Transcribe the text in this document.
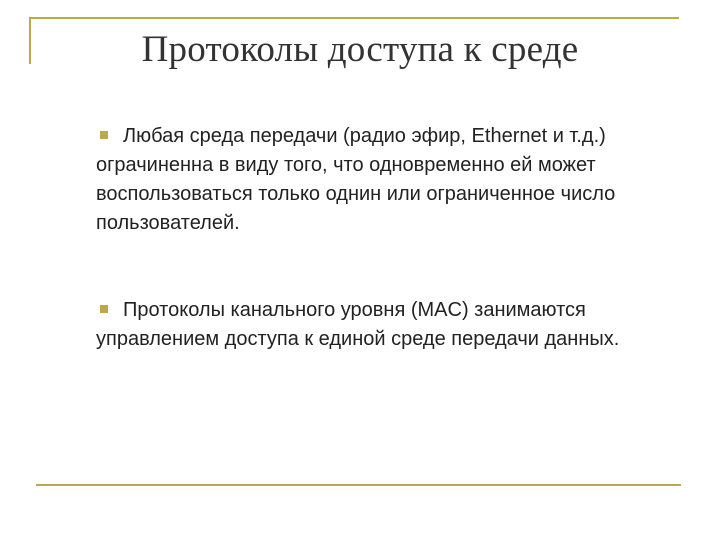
Протоколы доступа к среде

Любая среда передачи (радио эфир, Ethernet и т.д.) ограчиненна в виду того, что одновременно ей может воспользоваться только однин или ограниченное число пользователей.

Протоколы канального уровня (MAC) занимаются управлением доступа к единой среде передачи данных.
